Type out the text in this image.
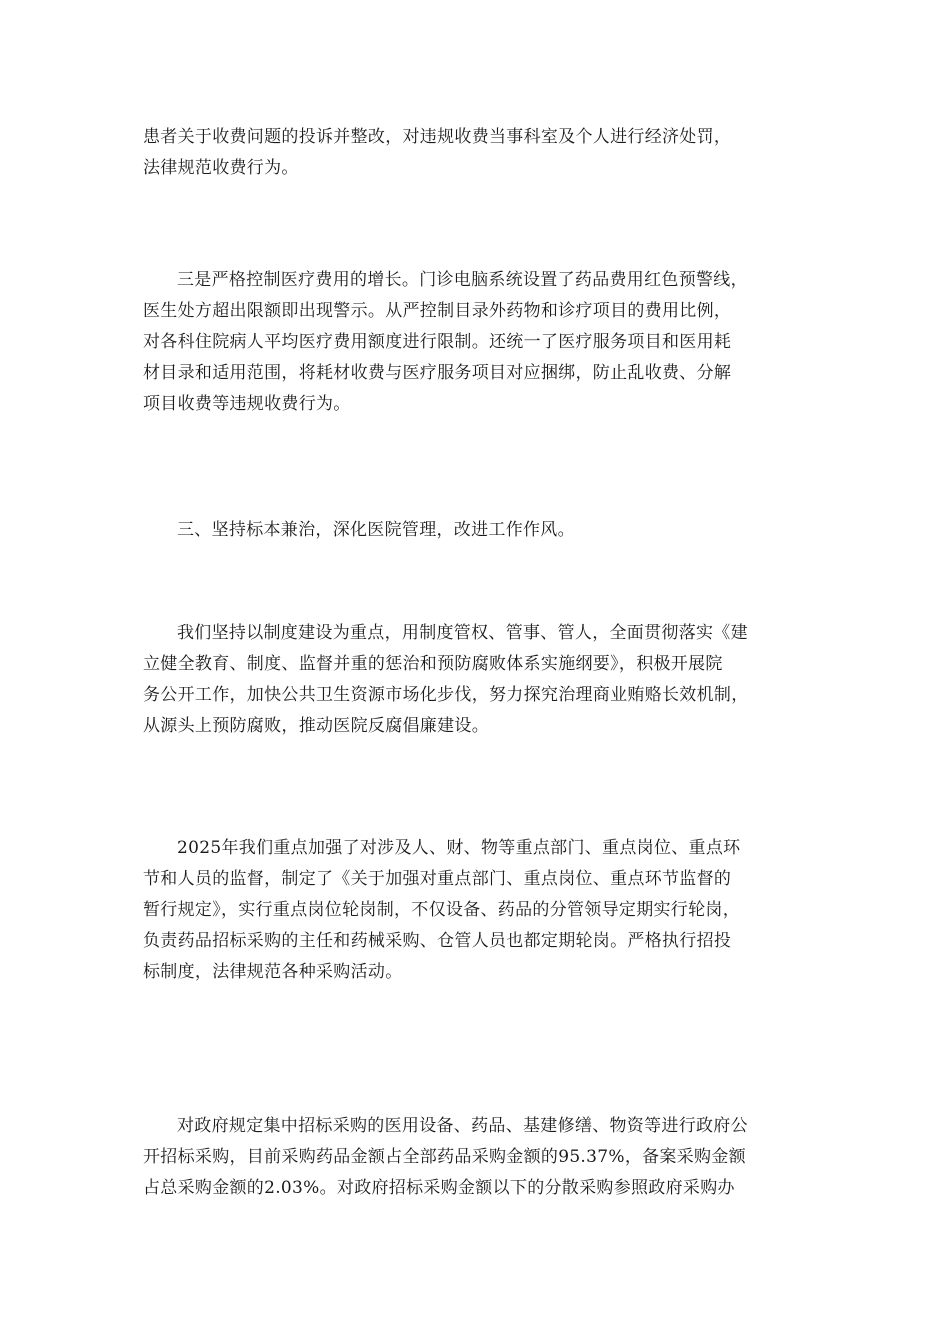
患者关于收费问题的投诉并整改，对违规收费当事科室及个人进行经济处罚，
法律规范收费行为。

三是严格控制医疗费用的增长。门诊电脑系统设置了药品费用红色预警线，
医生处方超出限额即出现警示。从严控制目录外药物和诊疗项目的费用比例，
对各科住院病人平均医疗费用额度进行限制。还统一了医疗服务项目和医用耗
材目录和适用范围，将耗材收费与医疗服务项目对应捆绑，防止乱收费、分解
项目收费等违规收费行为。

三、坚持标本兼治，深化医院管理，改进工作作风。

我们坚持以制度建设为重点，用制度管权、管事、管人，全面贯彻落实《建
立健全教育、制度、监督并重的惩治和预防腐败体系实施纲要》，积极开展院
务公开工作，加快公共卫生资源市场化步伐，努力探究治理商业贿赂长效机制，
从源头上预防腐败，推动医院反腐倡廉建设。

2025年我们重点加强了对涉及人、财、物等重点部门、重点岗位、重点环
节和人员的监督，制定了《关于加强对重点部门、重点岗位、重点环节监督的
暂行规定》，实行重点岗位轮岗制，不仅设备、药品的分管领导定期实行轮岗，
负责药品招标采购的主任和药械采购、仓管人员也都定期轮岗。严格执行招投
标制度，法律规范各种采购活动。

对政府规定集中招标采购的医用设备、药品、基建修缮、物资等进行政府公
开招标采购，目前采购药品金额占全部药品采购金额的95.37%，备案采购金额
占总采购金额的2.03%。对政府招标采购金额以下的分散采购参照政府采购办
